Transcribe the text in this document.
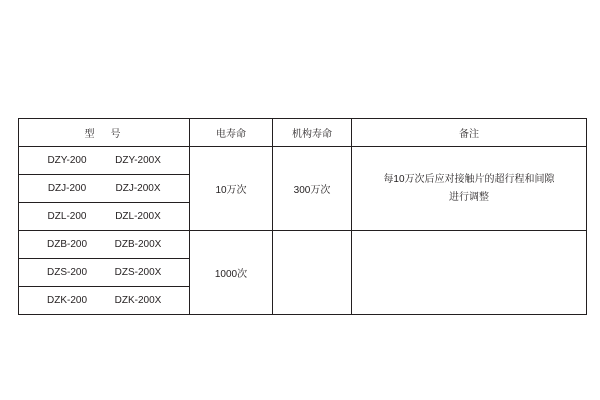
型　号	电寿命	机构寿命	备注
DZY-200 DZY-200X	10万次	300万次	每10万次后应对接触片的超行程和间隙
进行调整

DZJ-200 DZJ-200X			
DZL-200 DZL-200X			
DZB-200 DZB-200X	1000次		
DZS-200 DZS-200X			
DZK-200 DZK-200X			
